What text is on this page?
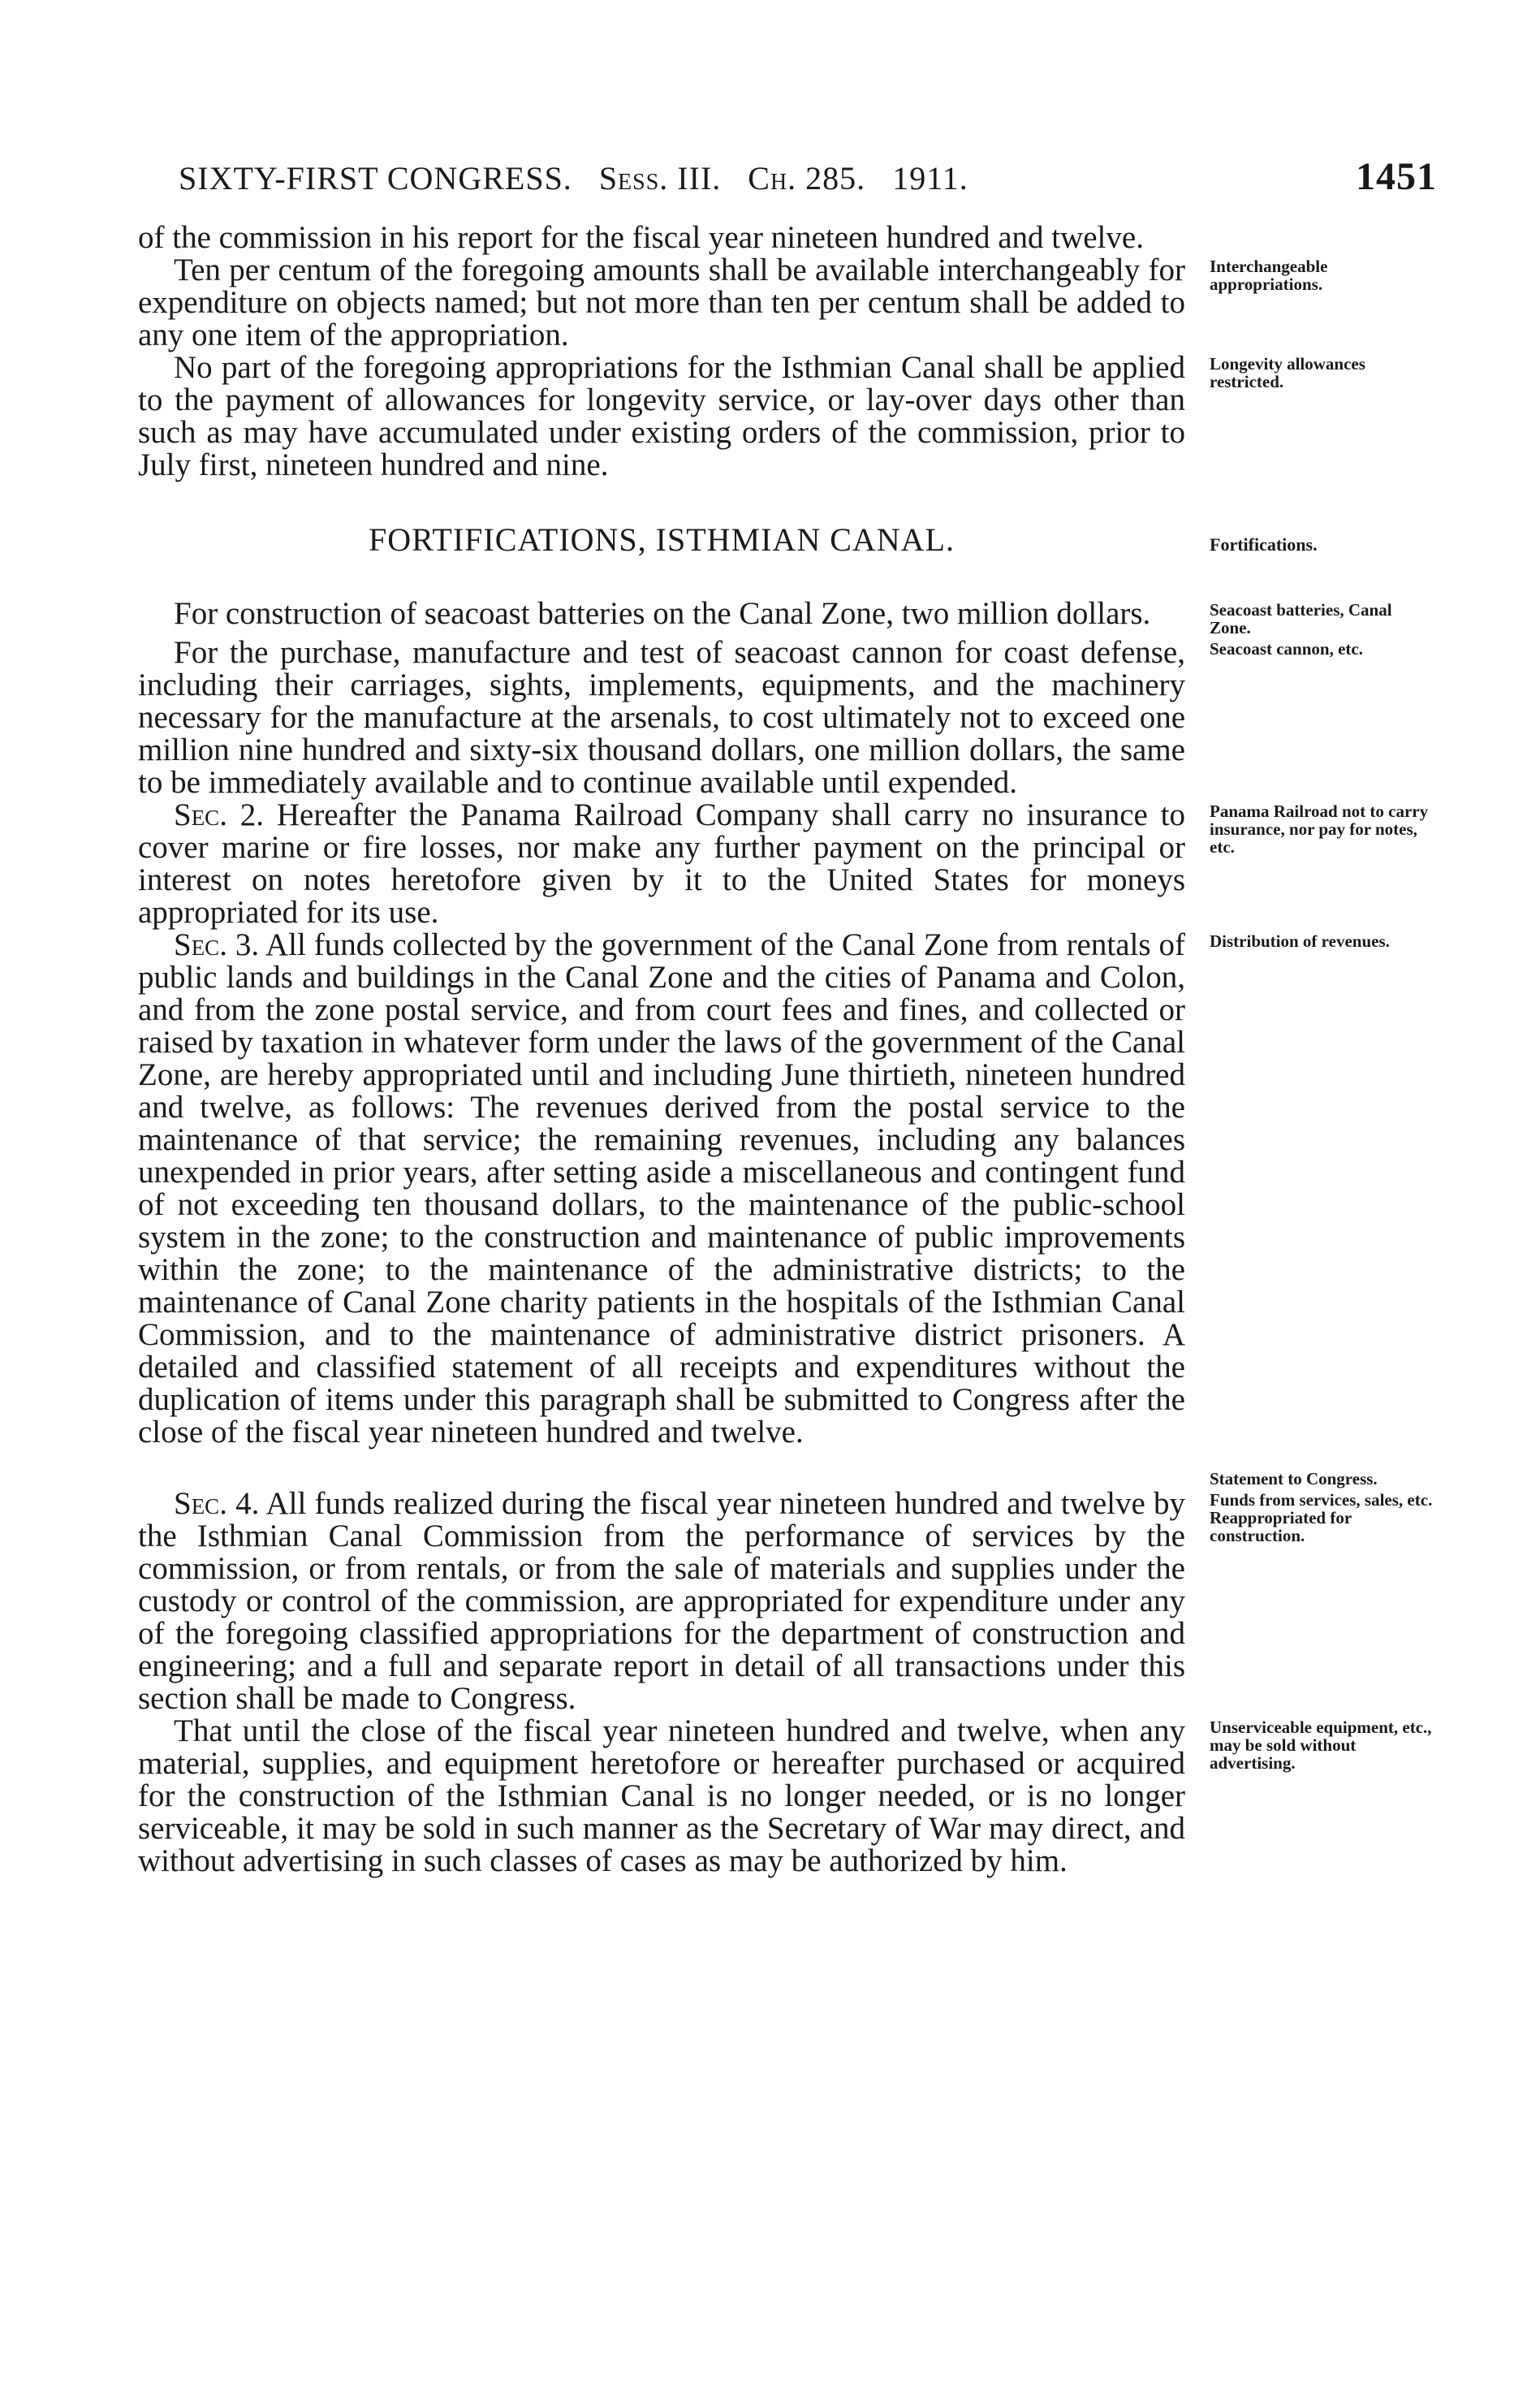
SIXTY-FIRST CONGRESS. Sess. III. Ch. 285. 1911.	1451
of the commission in his report for the fiscal year nineteen hundred and twelve.
Ten per centum of the foregoing amounts shall be available interchangeably for expenditure on objects named; but not more than ten per centum shall be added to any one item of the appropriation.
Interchangeable appropriations.
No part of the foregoing appropriations for the Isthmian Canal shall be applied to the payment of allowances for longevity service, or lay-over days other than such as may have accumulated under existing orders of the commission, prior to July first, nineteen hundred and nine.
Longevity allowances restricted.
FORTIFICATIONS, ISTHMIAN CANAL.	Fortifications.
For construction of seacoast batteries on the Canal Zone, two million dollars.	Seacoast batteries, Canal Zone.
For the purchase, manufacture and test of seacoast cannon for coast defense, including their carriages, sights, implements, equipments, and the machinery necessary for the manufacture at the arsenals, to cost ultimately not to exceed one million nine hundred and sixty-six thousand dollars, one million dollars, the same to be immediately available and to continue available until expended.
Seacoast cannon, etc.
Sec. 2. Hereafter the Panama Railroad Company shall carry no insurance to cover marine or fire losses, nor make any further payment on the principal or interest on notes heretofore given by it to the United States for moneys appropriated for its use.
Panama Railroad not to carry insurance, nor pay for notes, etc.
Sec. 3. All funds collected by the government of the Canal Zone from rentals of public lands and buildings in the Canal Zone and the cities of Panama and Colon, and from the zone postal service, and from court fees and fines, and collected or raised by taxation in whatever form under the laws of the government of the Canal Zone, are hereby appropriated until and including June thirtieth, nineteen hundred and twelve, as follows: The revenues derived from the postal service to the maintenance of that service; the remaining revenues, including any balances unexpended in prior years, after setting aside a miscellaneous and contingent fund of not exceeding ten thousand dollars, to the maintenance of the public-school system in the zone; to the construction and maintenance of public improvements within the zone; to the maintenance of the administrative districts; to the maintenance of Canal Zone charity patients in the hospitals of the Isthmian Canal Commission, and to the maintenance of administrative district prisoners. A detailed and classified statement of all receipts and expenditures without the duplication of items under this paragraph shall be submitted to Congress after the close of the fiscal year nineteen hundred and twelve.
Distribution of revenues.
Statement to Congress.
Sec. 4. All funds realized during the fiscal year nineteen hundred and twelve by the Isthmian Canal Commission from the performance of services by the commission, or from rentals, or from the sale of materials and supplies under the custody or control of the commission, are appropriated for expenditure under any of the foregoing classified appropriations for the department of construction and engineering; and a full and separate report in detail of all transactions under this section shall be made to Congress.
Funds from services, sales, etc.
Reappropriated for construction.
That until the close of the fiscal year nineteen hundred and twelve, when any material, supplies, and equipment heretofore or hereafter purchased or acquired for the construction of the Isthmian Canal is no longer needed, or is no longer serviceable, it may be sold in such manner as the Secretary of War may direct, and without advertising in such classes of cases as may be authorized by him.
Unserviceable equipment, etc., may be sold without advertising.
